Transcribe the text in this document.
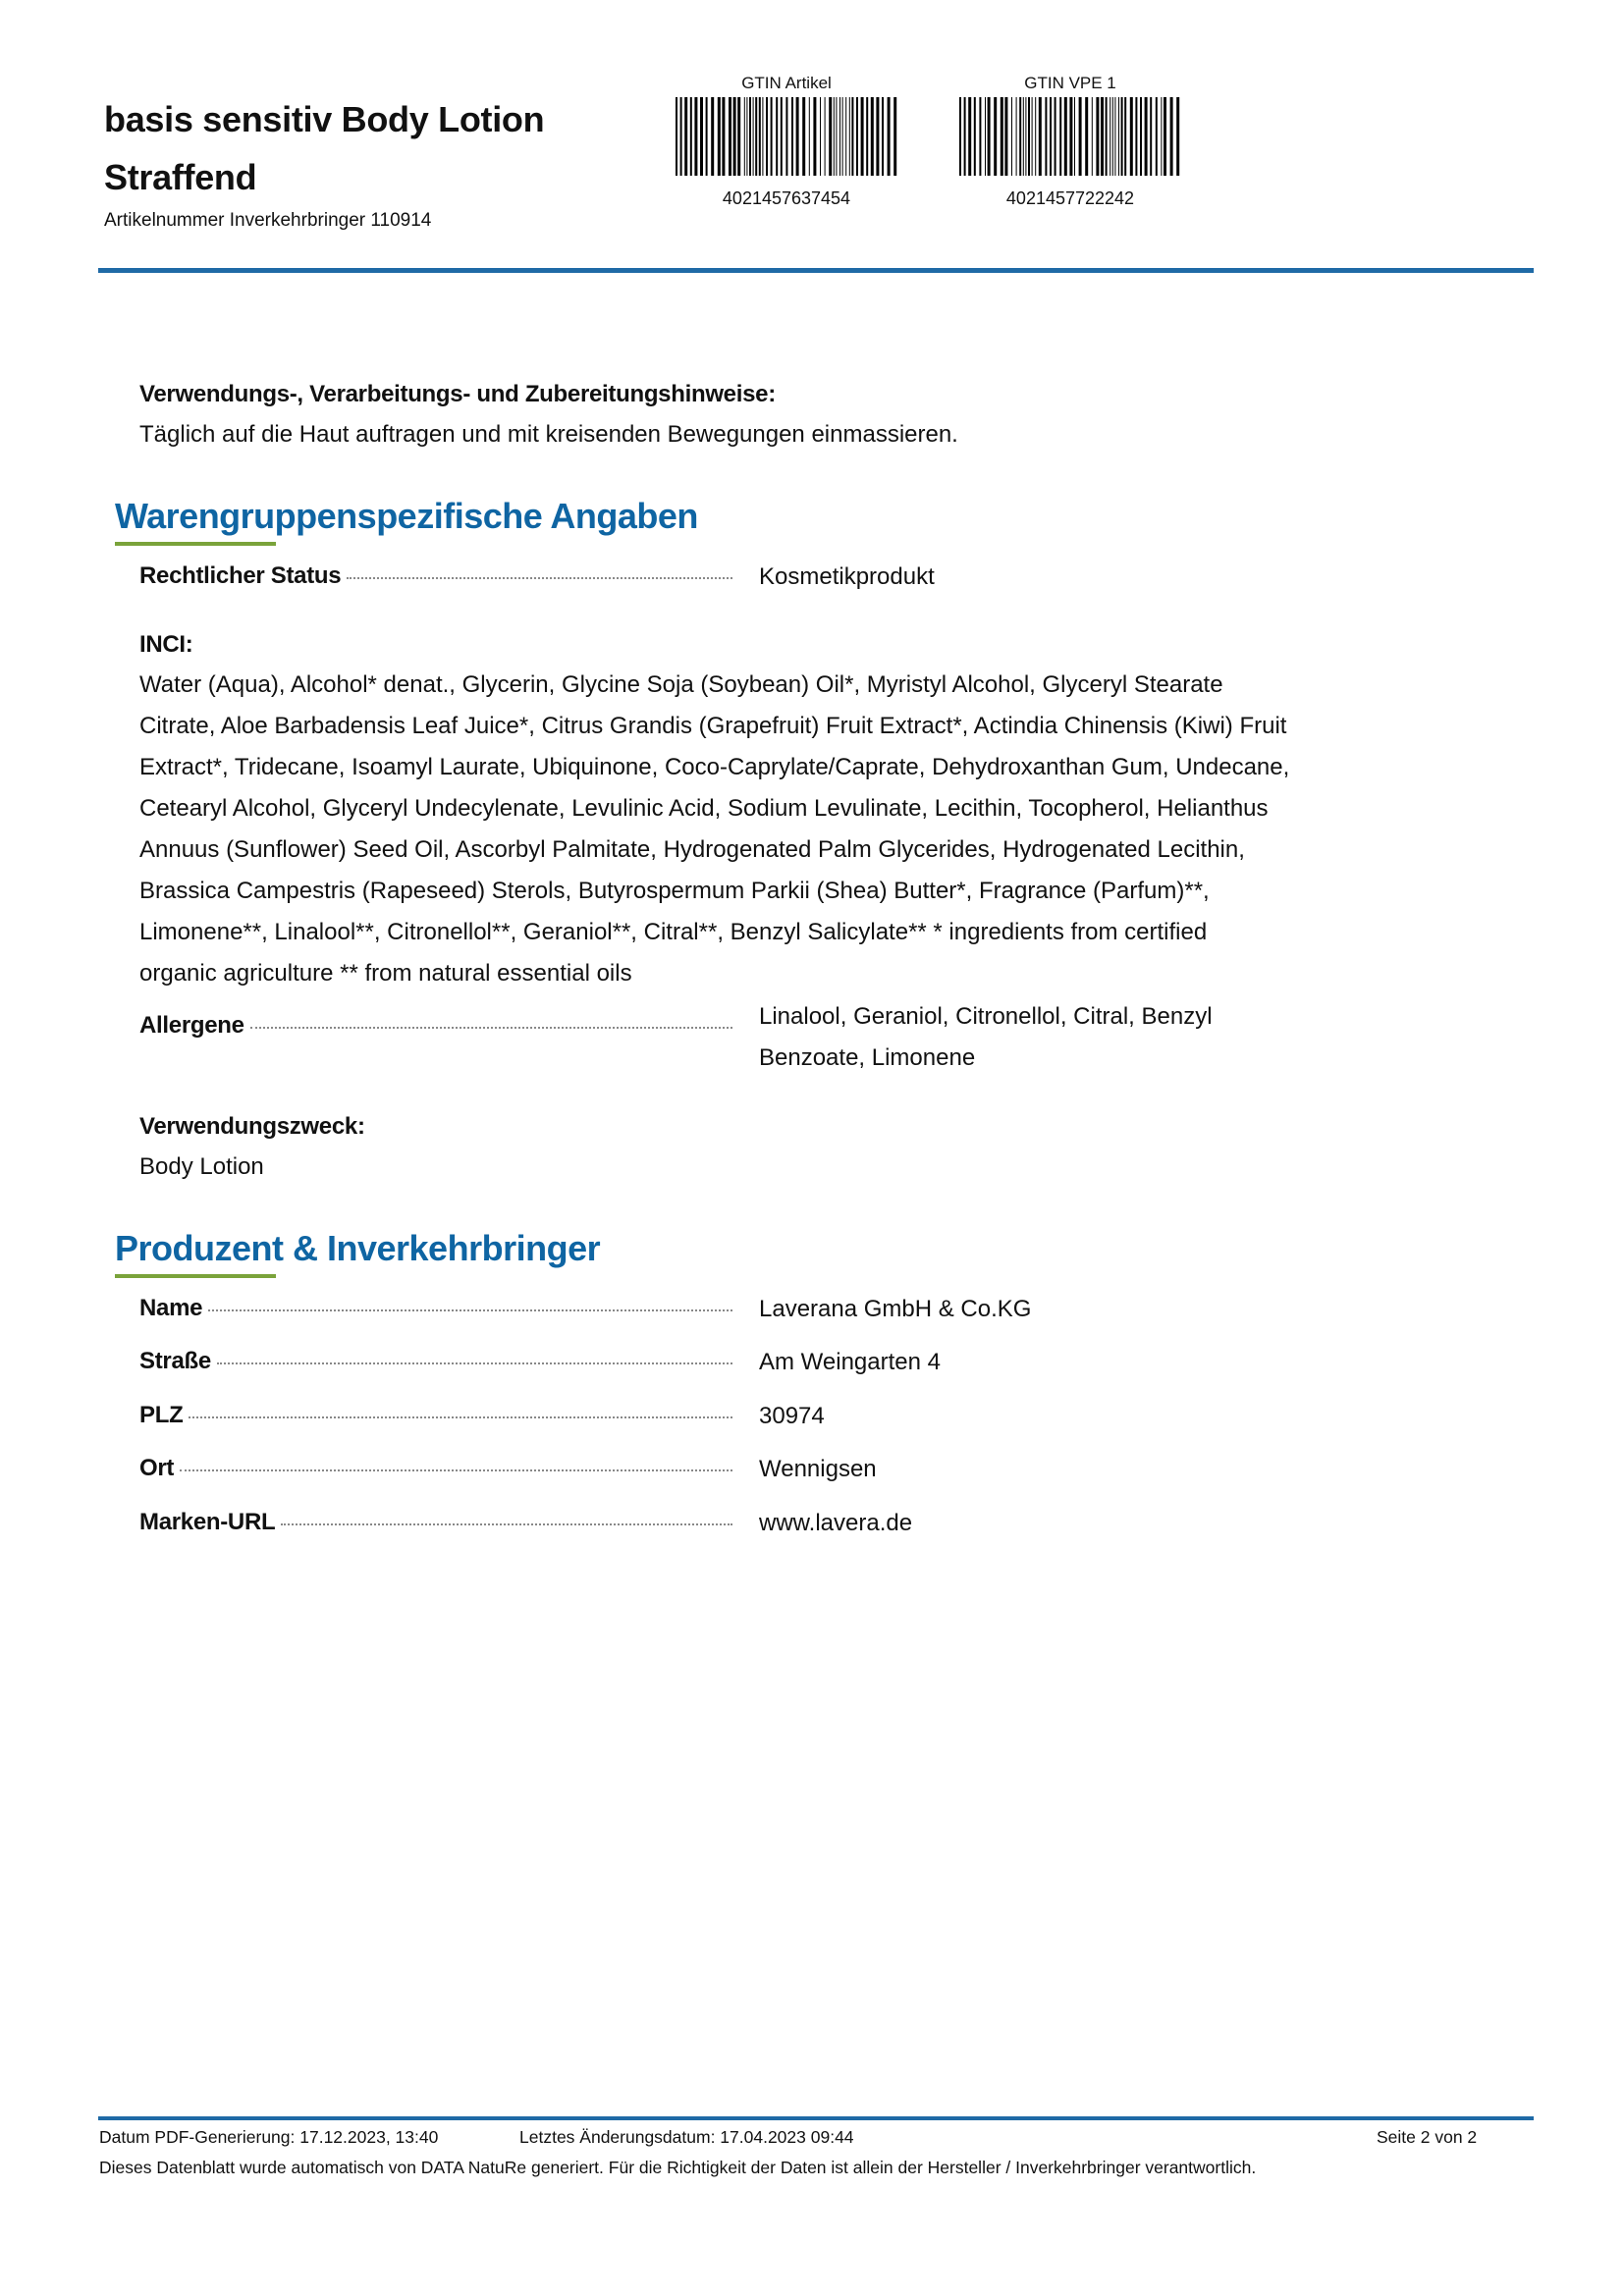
basis sensitiv Body Lotion
Straffend
Artikelnummer Inverkehrbringer 110914
GTIN Artikel
4021457637454
GTIN VPE 1
4021457722242
Verwendungs-, Verarbeitungs- und Zubereitungshinweise:
Täglich auf die Haut auftragen und mit kreisenden Bewegungen einmassieren.
Warengruppenspezifische Angaben
Rechtlicher Status	Kosmetikprodukt
INCI:
Water (Aqua), Alcohol* denat., Glycerin, Glycine Soja (Soybean) Oil*, Myristyl Alcohol, Glyceryl Stearate
Citrate, Aloe Barbadensis Leaf Juice*, Citrus Grandis (Grapefruit) Fruit Extract*, Actindia Chinensis (Kiwi) Fruit
Extract*, Tridecane, Isoamyl Laurate, Ubiquinone, Coco-Caprylate/Caprate, Dehydroxanthan Gum, Undecane,
Cetearyl Alcohol, Glyceryl Undecylenate, Levulinic Acid, Sodium Levulinate, Lecithin, Tocopherol, Helianthus
Annuus (Sunflower) Seed Oil, Ascorbyl Palmitate, Hydrogenated Palm Glycerides, Hydrogenated Lecithin,
Brassica Campestris (Rapeseed) Sterols, Butyrospermum Parkii (Shea) Butter*, Fragrance (Parfum)**,
Limonene**, Linalool**, Citronellol**, Geraniol**, Citral**, Benzyl Salicylate** * ingredients from certified
organic agriculture ** from natural essential oils
Allergene	Linalool, Geraniol, Citronellol, Citral, Benzyl
Benzoate, Limonene
Verwendungszweck:
Body Lotion
Produzent & Inverkehrbringer
Name	Laverana GmbH & Co.KG
Straße	Am Weingarten 4
PLZ	30974
Ort	Wennigsen
Marken-URL	www.lavera.de
Datum PDF-Generierung: 17.12.2023, 13:40	Letztes Änderungsdatum: 17.04.2023 09:44	Seite 2 von 2
Dieses Datenblatt wurde automatisch von DATA NatuRe generiert. Für die Richtigkeit der Daten ist allein der Hersteller / Inverkehrbringer verantwortlich.
